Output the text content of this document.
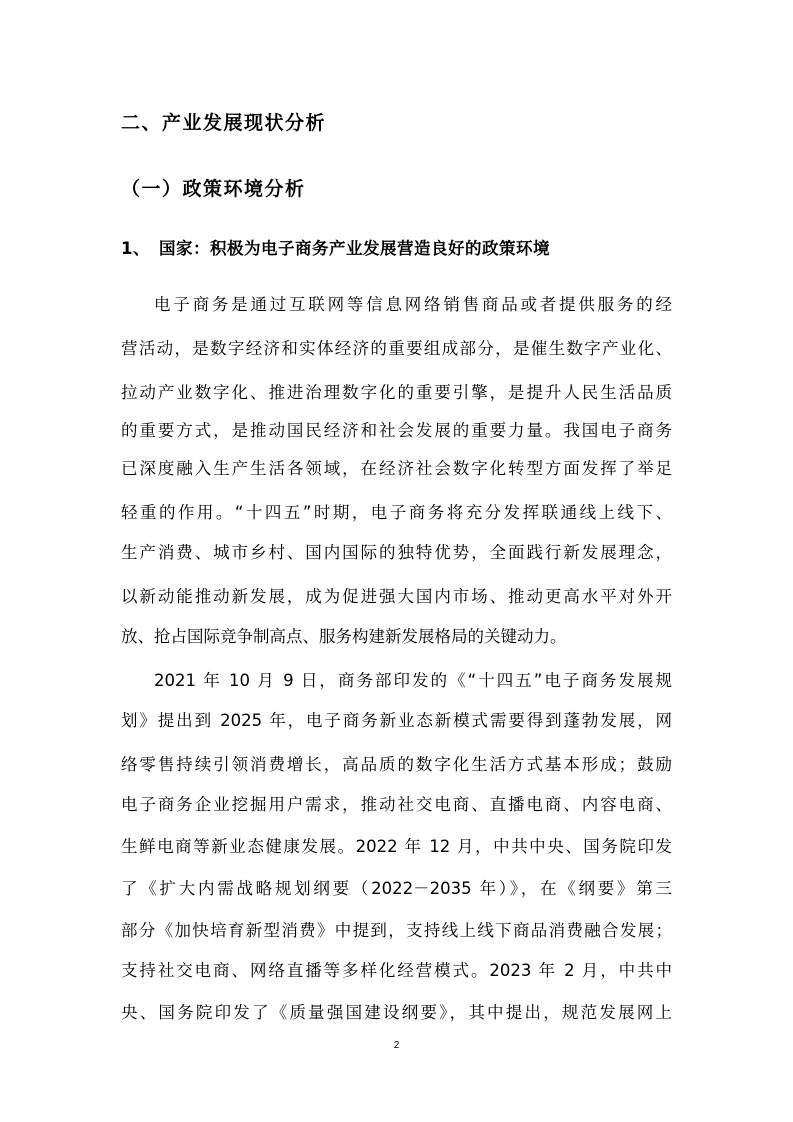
二、产业发展现状分析
（一）政策环境分析
1、 国家：积极为电子商务产业发展营造良好的政策环境
电子商务是通过互联网等信息网络销售商品或者提供服务的经
营活动，是数字经济和实体经济的重要组成部分，是催生数字产业化、
拉动产业数字化、推进治理数字化的重要引擎，是提升人民生活品质
的重要方式，是推动国民经济和社会发展的重要力量。我国电子商务
已深度融入生产生活各领域，在经济社会数字化转型方面发挥了举足
轻重的作用。“十四五”时期，电子商务将充分发挥联通线上线下、
生产消费、城市乡村、国内国际的独特优势，全面践行新发展理念，
以新动能推动新发展，成为促进强大国内市场、推动更高水平对外开
放、抢占国际竞争制高点、服务构建新发展格局的关键动力。
2021 年 10 月 9 日，商务部印发的《“十四五”电子商务发展规
划》提出到 2025 年，电子商务新业态新模式需要得到蓬勃发展，网
络零售持续引领消费增长，高品质的数字化生活方式基本形成；鼓励
电子商务企业挖掘用户需求，推动社交电商、直播电商、内容电商、
生鲜电商等新业态健康发展。2022 年 12 月，中共中央、国务院印发
了《扩大内需战略规划纲要（2022－2035 年）》，在《纲要》第三
部分《加快培育新型消费》中提到，支持线上线下商品消费融合发展；
支持社交电商、网络直播等多样化经营模式。2023 年 2 月，中共中
央、国务院印发了《质量强国建设纲要》，其中提出，规范发展网上
2
